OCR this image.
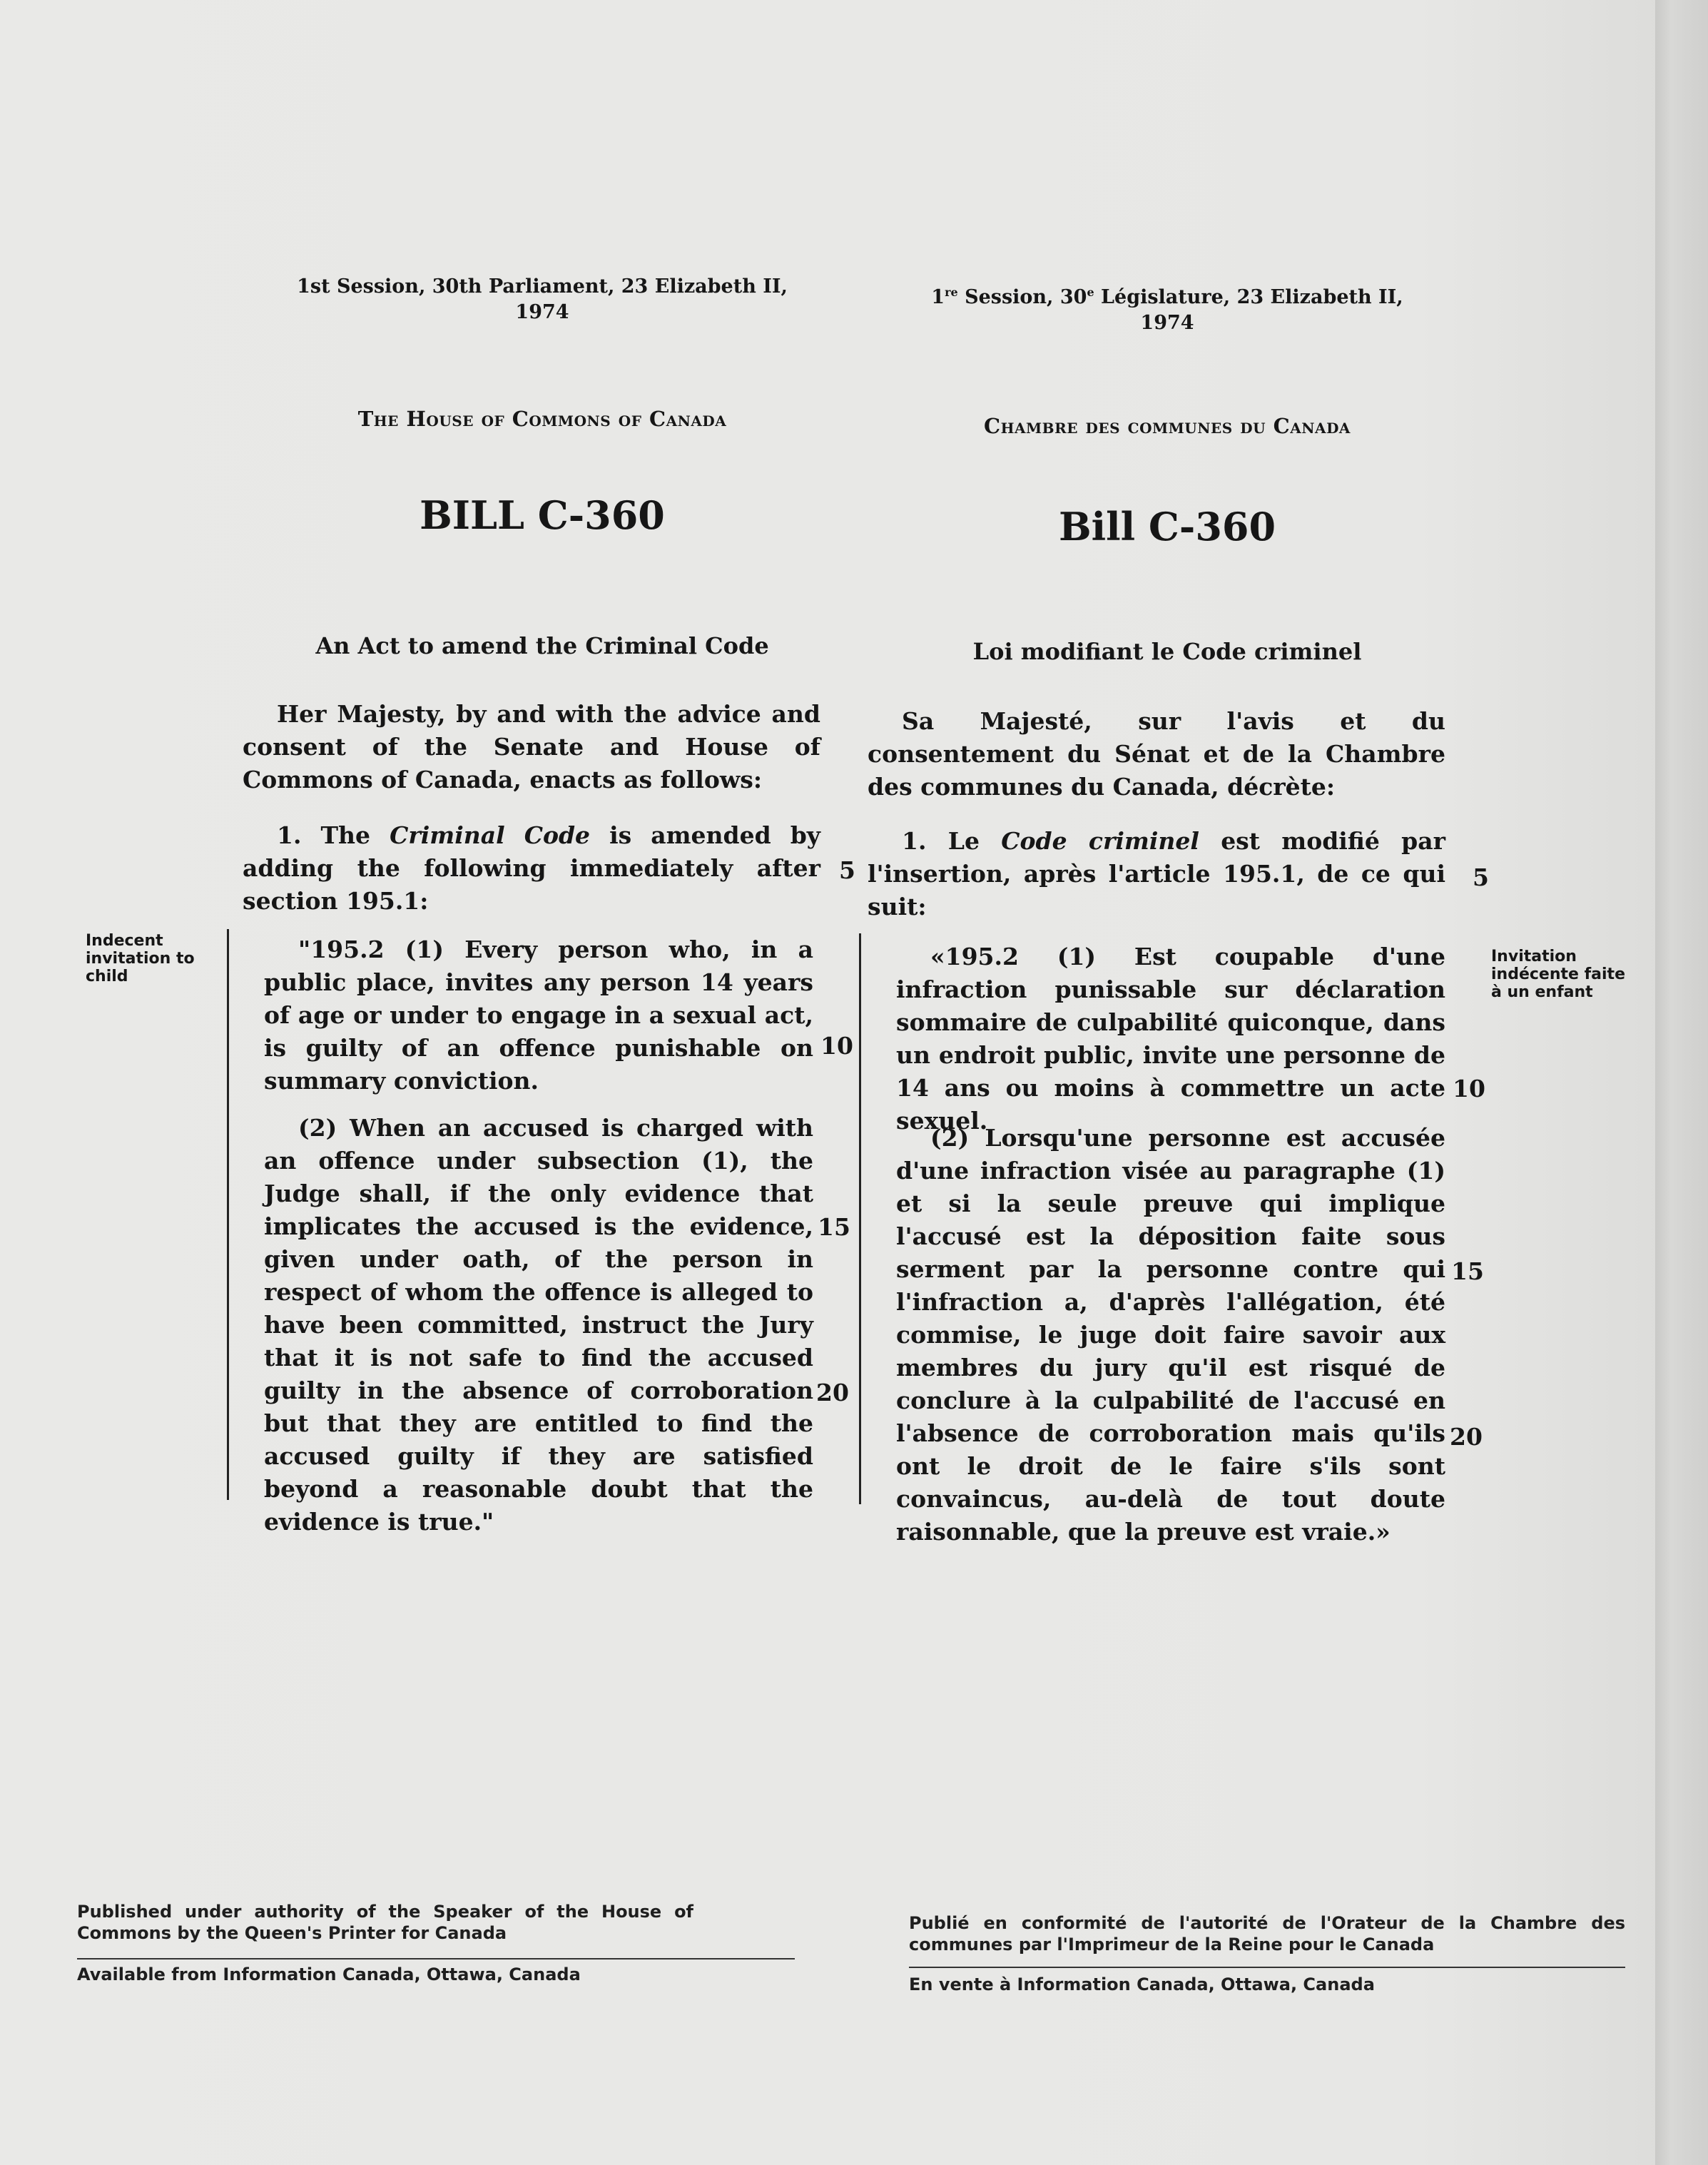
1st Session, 30th Parliament, 23 Elizabeth II,
1974
The House of Commons of Canada
BILL C-360
An Act to amend the Criminal Code
Her Majesty, by and with the advice and consent of the Senate and House of Commons of Canada, enacts as follows:
1. The Criminal Code is amended by adding the following immediately after section 195.1:
"195.2 (1) Every person who, in a public place, invites any person 14 years of age or under to engage in a sexual act, is guilty of an offence punishable on summary conviction.
(2) When an accused is charged with an offence under subsection (1), the Judge shall, if the only evidence that implicates the accused is the evidence, given under oath, of the person in respect of whom the offence is alleged to have been committed, instruct the Jury that it is not safe to find the accused guilty in the absence of corroboration but that they are entitled to find the accused guilty if they are satisfied beyond a reasonable doubt that the evidence is true."
Indecent invitation to child
5
10
15
20
1re Session, 30e Législature, 23 Elizabeth II,
1974
Chambre des communes du Canada
Bill C-360
Loi modifiant le Code criminel
Sa Majesté, sur l'avis et du consentement du Sénat et de la Chambre des communes du Canada, décrète:
1. Le Code criminel est modifié par l'insertion, après l'article 195.1, de ce qui suit:
«195.2 (1) Est coupable d'une infraction punissable sur déclaration sommaire de culpabilité quiconque, dans un endroit public, invite une personne de 14 ans ou moins à commettre un acte sexuel.
(2) Lorsqu'une personne est accusée d'une infraction visée au paragraphe (1) et si la seule preuve qui implique l'accusé est la déposition faite sous serment par la personne contre qui l'infraction a, d'après l'allégation, été commise, le juge doit faire savoir aux membres du jury qu'il est risqué de conclure à la culpabilité de l'accusé en l'absence de corroboration mais qu'ils ont le droit de le faire s'ils sont convaincus, au-delà de tout doute raisonnable, que la preuve est vraie.»
Invitation indécente faite à un enfant
5
10
15
20
Published under authority of the Speaker of the House of Commons by the Queen's Printer for Canada
Available from Information Canada, Ottawa, Canada
Publié en conformité de l'autorité de l'Orateur de la Chambre des communes par l'Imprimeur de la Reine pour le Canada
En vente à Information Canada, Ottawa, Canada
